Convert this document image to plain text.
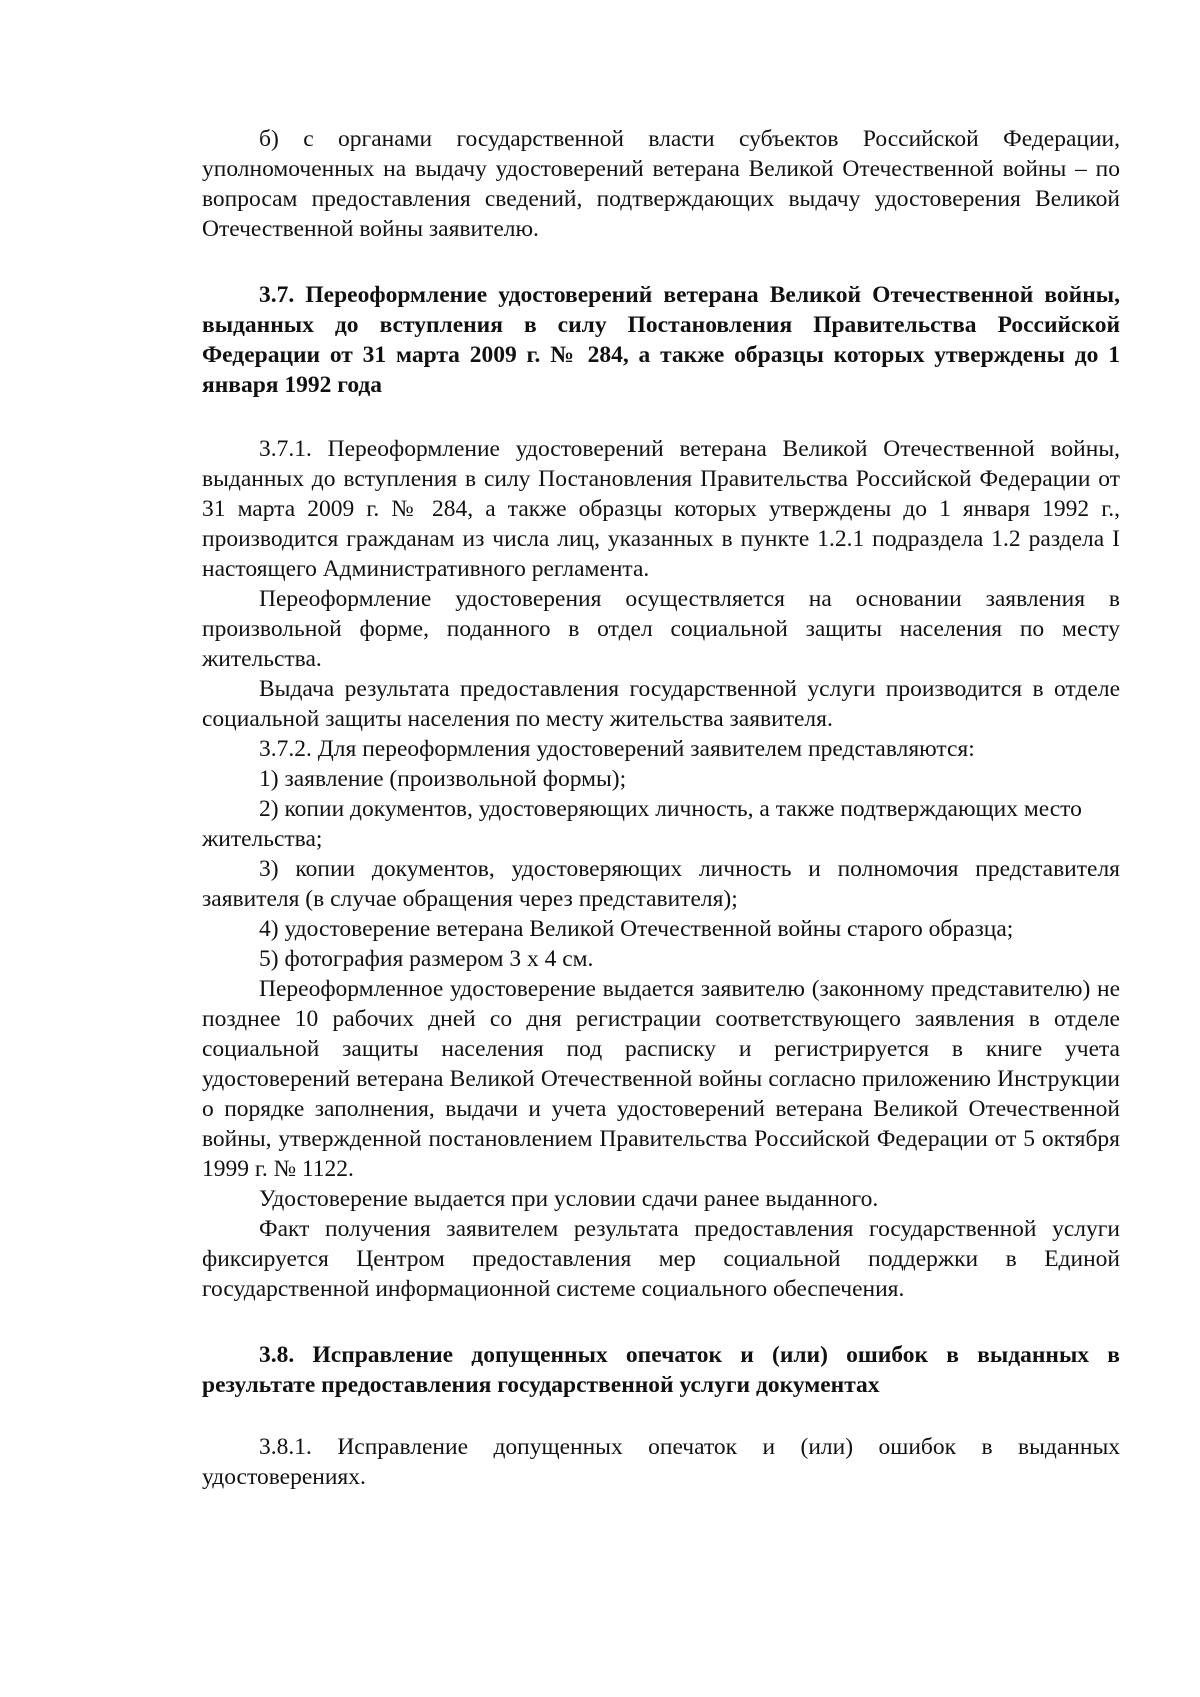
б) с органами государственной власти субъектов Российской Федерации, уполномоченных на выдачу удостоверений ветерана Великой Отечественной войны – по вопросам предоставления сведений, подтверждающих выдачу удостоверения Великой Отечественной войны заявителю.

3.7. Переоформление удостоверений ветерана Великой Отечественной войны, выданных до вступления в силу Постановления Правительства Российской Федерации от 31 марта 2009 г. № 284, а также образцы которых утверждены до 1 января 1992 года

3.7.1. Переоформление удостоверений ветерана Великой Отечественной войны, выданных до вступления в силу Постановления Правительства Российской Федерации от 31 марта 2009 г. № 284, а также образцы которых утверждены до 1 января 1992 г., производится гражданам из числа лиц, указанных в пункте 1.2.1 подраздела 1.2 раздела I настоящего Административного регламента.

Переоформление удостоверения осуществляется на основании заявления в произвольной форме, поданного в отдел социальной защиты населения по месту жительства.

Выдача результата предоставления государственной услуги производится в отделе социальной защиты населения по месту жительства заявителя.

3.7.2. Для переоформления удостоверений заявителем представляются:

1) заявление (произвольной формы);

2) копии документов, удостоверяющих личность, а также подтверждающих место жительства;

3) копии документов, удостоверяющих личность и полномочия представителя заявителя (в случае обращения через представителя);

4) удостоверение ветерана Великой Отечественной войны старого образца;

5) фотография размером 3 х 4 см.

Переоформленное удостоверение выдается заявителю (законному представителю) не позднее 10 рабочих дней со дня регистрации соответствующего заявления в отделе социальной защиты населения под расписку и регистрируется в книге учета удостоверений ветерана Великой Отечественной войны согласно приложению Инструкции о порядке заполнения, выдачи и учета удостоверений ветерана Великой Отечественной войны, утвержденной постановлением Правительства Российской Федерации от 5 октября 1999 г. № 1122.

Удостоверение выдается при условии сдачи ранее выданного.

Факт получения заявителем результата предоставления государственной услуги фиксируется Центром предоставления мер социальной поддержки в Единой государственной информационной системе социального обеспечения.

3.8. Исправление допущенных опечаток и (или) ошибок в выданных в результате предоставления государственной услуги документах

3.8.1. Исправление допущенных опечаток и (или) ошибок в выданных удостоверениях.
